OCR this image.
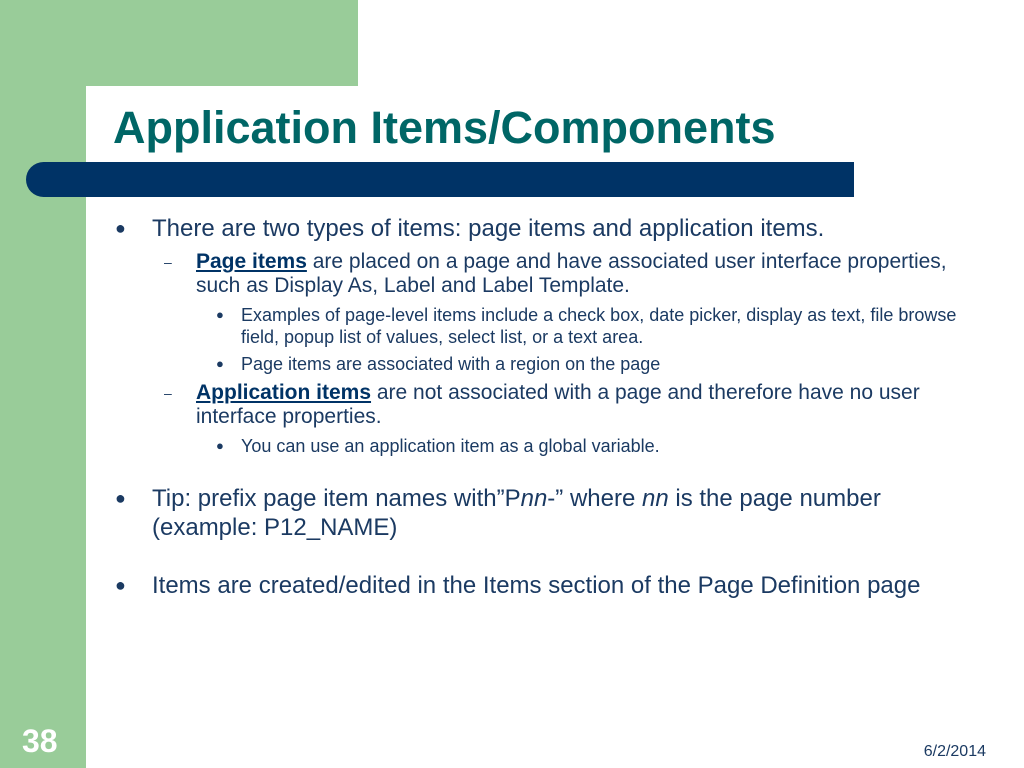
Application Items/Components
● There are two types of items: page items and application items.
– Page items are placed on a page and have associated user interface properties, such as Display As, Label and Label Template.
● Examples of page-level items include a check box, date picker, display as text, file browse field, popup list of values, select list, or a text area.
● Page items are associated with a region on the page
– Application items are not associated with a page and therefore have no user interface properties.
● You can use an application item as a global variable.
● Tip: prefix page item names with”Pnn-” where nn is the page number (example: P12_NAME)
● Items are created/edited in the Items section of the Page Definition page
38	6/2/2014
